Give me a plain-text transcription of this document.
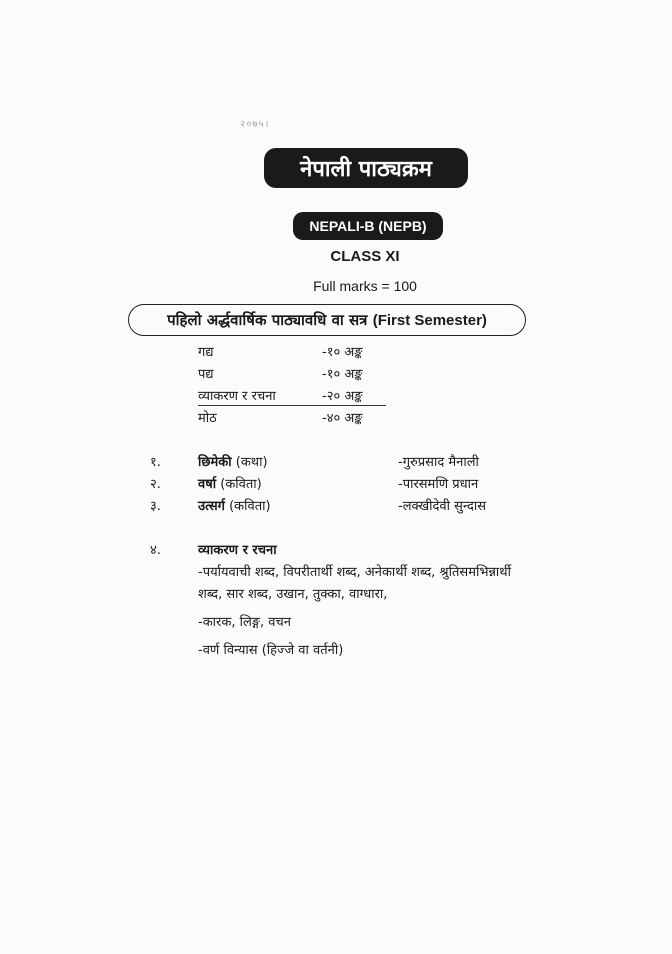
२०७५।
नेपाली पाठ्यक्रम
NEPALI-B (NEPB)
CLASS XI
Full marks = 100
पहिलो अर्द्धवार्षिक पाठ्यावधि वा सत्र
(First Semester)
गद्य	-१० अङ्क
पद्य	-१० अङ्क
व्याकरण र रचना	-२० अङ्क
मोठ	-४० अङ्क
१.	छिमेकी (कथा)	-गुरुप्रसाद मैनाली
२.	वर्षा (कविता)	-पारसमणि प्रधान
३.	उत्सर्ग (कविता)	-लक्खीदेवी सुन्दास
४.	व्याकरण र रचना
-पर्यायवाची शब्द, विपरीतार्थी शब्द, अनेकार्थी शब्द, श्रुतिसमभिन्नार्थी
शब्द, सार शब्द, उखान, तुक्का, वाग्धारा,
-कारक, लिङ्ग, वचन
-वर्ण विन्यास (हिज्जे वा वर्तनी)
